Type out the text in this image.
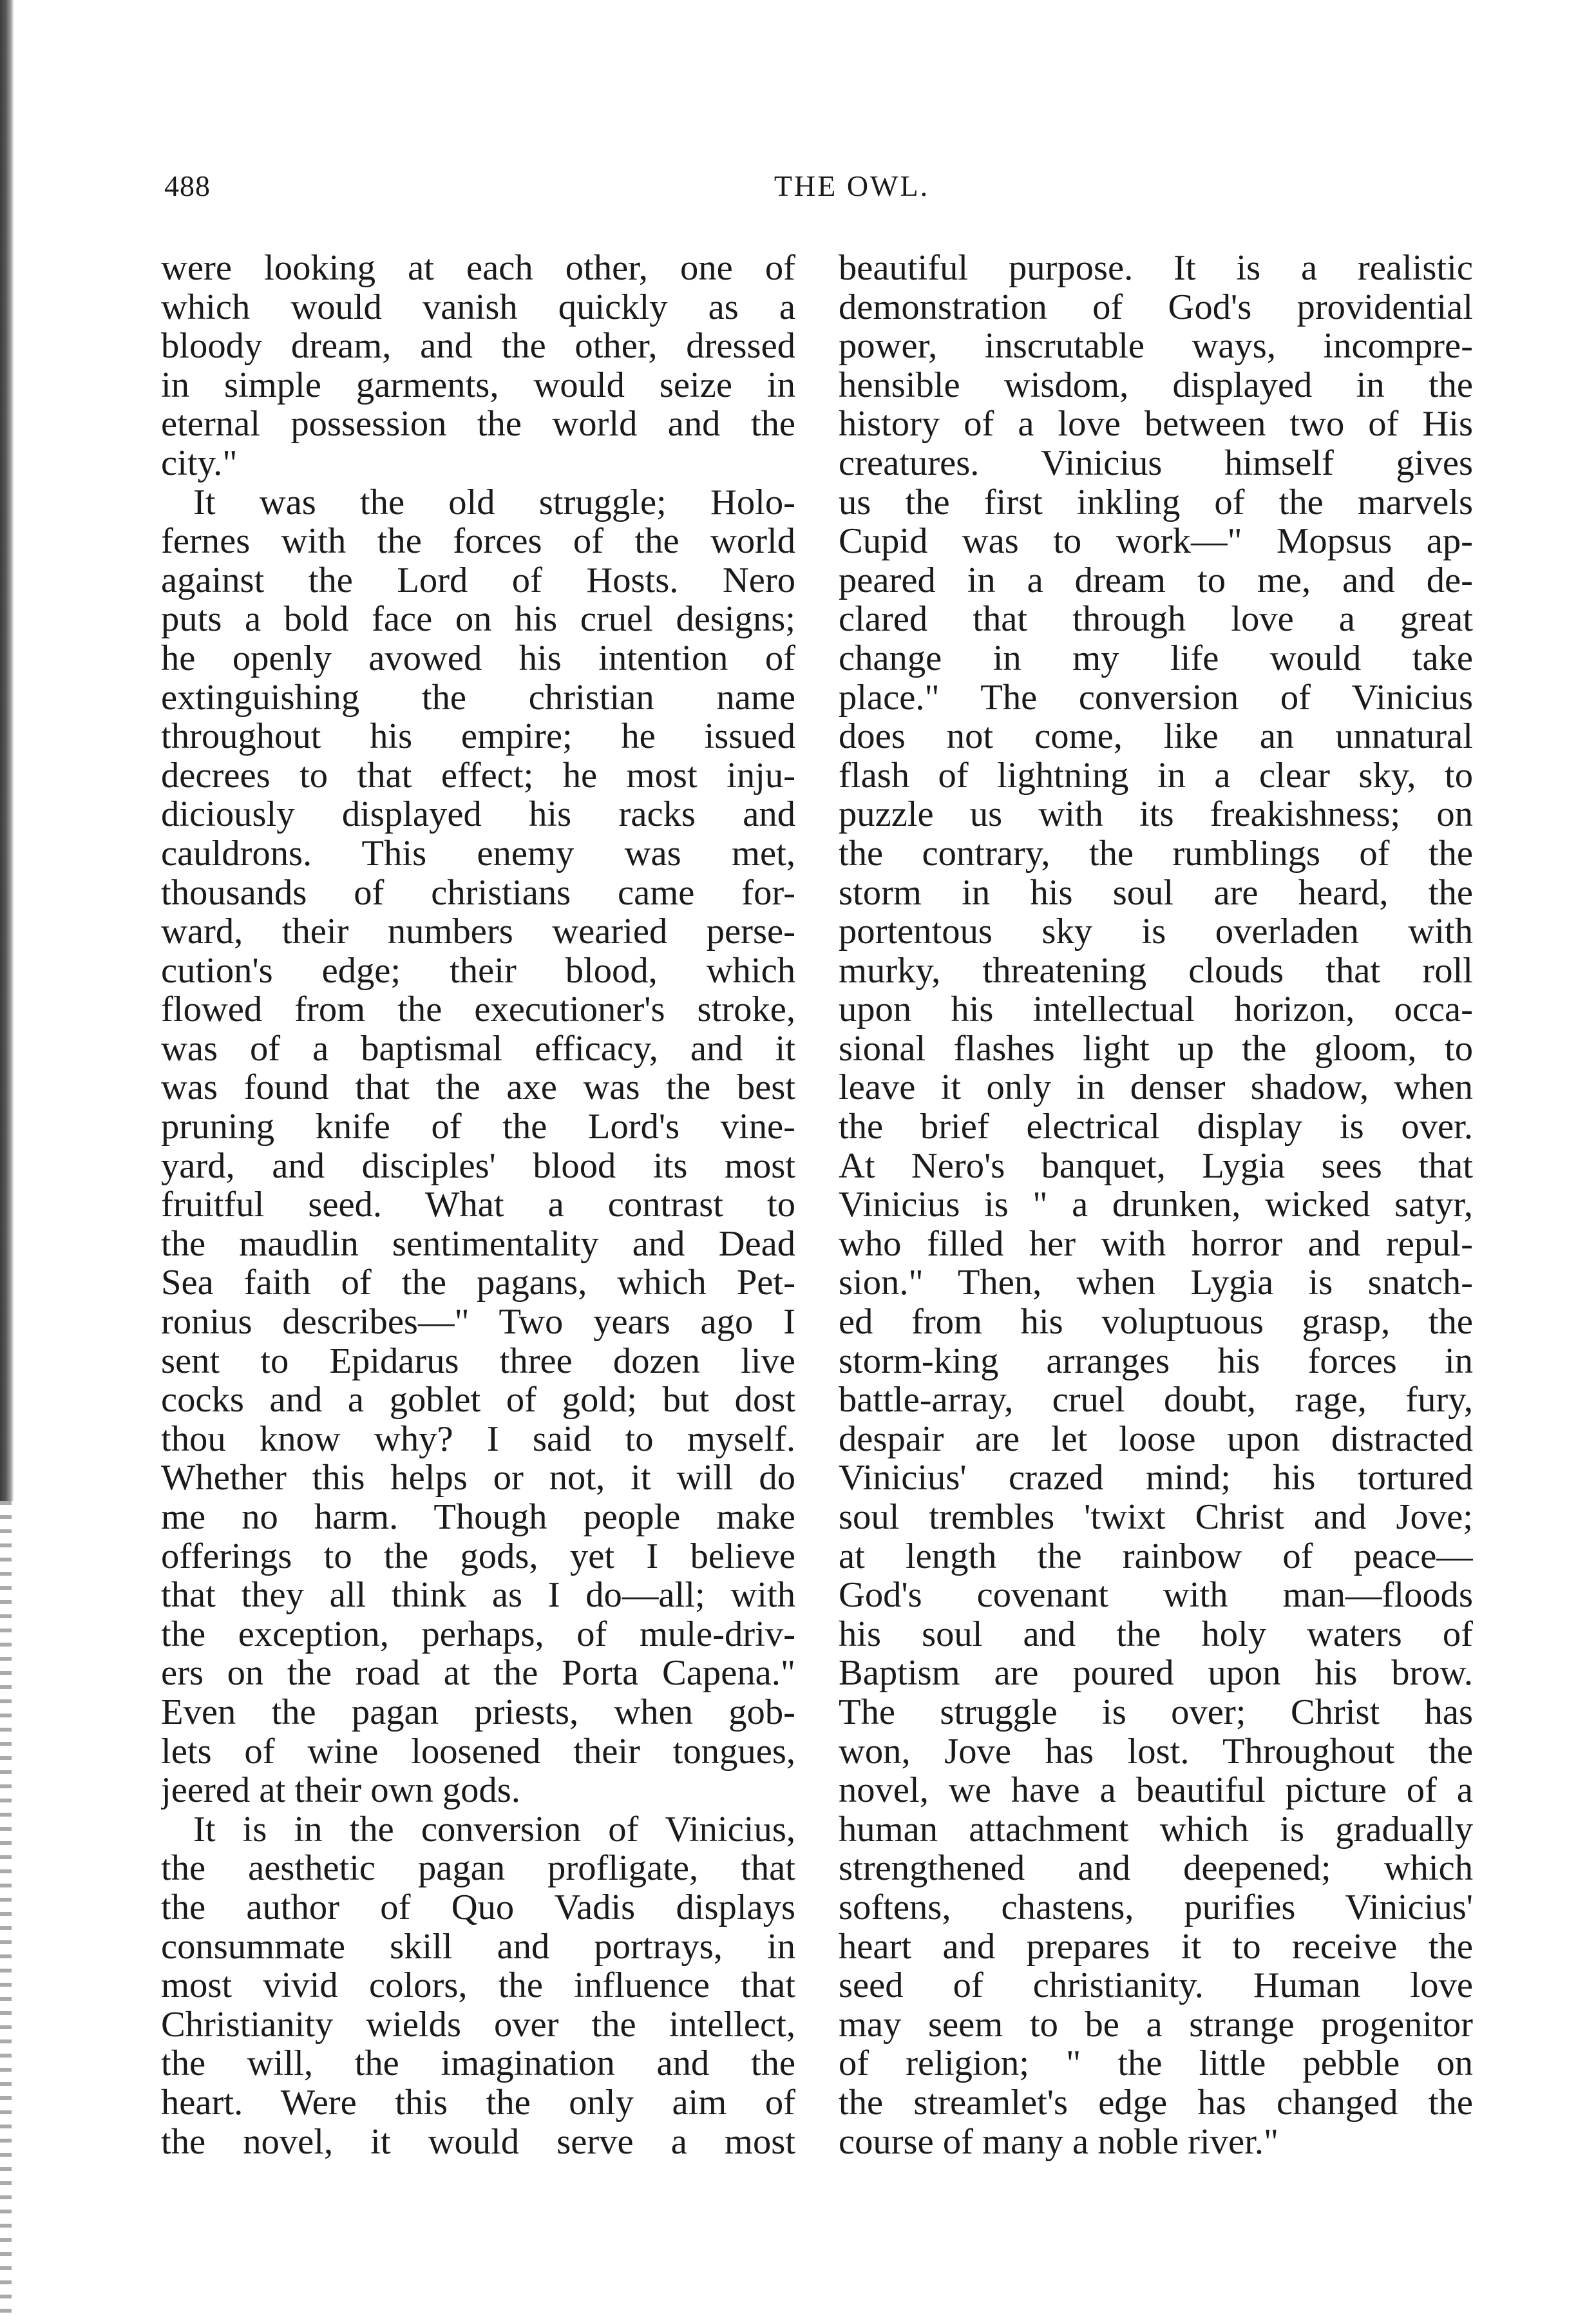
488	THE OWL.
were looking at each other, one of
which would vanish quickly as a
bloody dream, and the other, dressed
in simple garments, would seize in
eternal possession the world and the
city."
It was the old struggle; Holo-
fernes with the forces of the world
against the Lord of Hosts. Nero
puts a bold face on his cruel designs;
he openly avowed his intention of
extinguishing the christian name
throughout his empire; he issued
decrees to that effect; he most inju-
diciously displayed his racks and
cauldrons. This enemy was met,
thousands of christians came for-
ward, their numbers wearied perse-
cution's edge; their blood, which
flowed from the executioner's stroke,
was of a baptismal efficacy, and it
was found that the axe was the best
pruning knife of the Lord's vine-
yard, and disciples' blood its most
fruitful seed. What a contrast to
the maudlin sentimentality and Dead
Sea faith of the pagans, which Pet-
ronius describes—" Two years ago I
sent to Epidarus three dozen live
cocks and a goblet of gold; but dost
thou know why? I said to myself.
Whether this helps or not, it will do
me no harm. Though people make
offerings to the gods, yet I believe
that they all think as I do—all; with
the exception, perhaps, of mule-driv-
ers on the road at the Porta Capena."
Even the pagan priests, when gob-
lets of wine loosened their tongues,
jeered at their own gods.
It is in the conversion of Vinicius,
the aesthetic pagan profligate, that
the author of Quo Vadis displays
consummate skill and portrays, in
most vivid colors, the influence that
Christianity wields over the intellect,
the will, the imagination and the
heart. Were this the only aim of
the novel, it would serve a most
beautiful purpose. It is a realistic
demonstration of God's providential
power, inscrutable ways, incompre-
hensible wisdom, displayed in the
history of a love between two of His
creatures. Vinicius himself gives
us the first inkling of the marvels
Cupid was to work—" Mopsus ap-
peared in a dream to me, and de-
clared that through love a great
change in my life would take
place." The conversion of Vinicius
does not come, like an unnatural
flash of lightning in a clear sky, to
puzzle us with its freakishness; on
the contrary, the rumblings of the
storm in his soul are heard, the
portentous sky is overladen with
murky, threatening clouds that roll
upon his intellectual horizon, occa-
sional flashes light up the gloom, to
leave it only in denser shadow, when
the brief electrical display is over.
At Nero's banquet, Lygia sees that
Vinicius is " a drunken, wicked satyr,
who filled her with horror and repul-
sion." Then, when Lygia is snatch-
ed from his voluptuous grasp, the
storm-king arranges his forces in
battle-array, cruel doubt, rage, fury,
despair are let loose upon distracted
Vinicius' crazed mind; his tortured
soul trembles 'twixt Christ and Jove;
at length the rainbow of peace—
God's covenant with man—floods
his soul and the holy waters of
Baptism are poured upon his brow.
The struggle is over; Christ has
won, Jove has lost. Throughout the
novel, we have a beautiful picture of a
human attachment which is gradually
strengthened and deepened; which
softens, chastens, purifies Vinicius'
heart and prepares it to receive the
seed of christianity. Human love
may seem to be a strange progenitor
of religion; " the little pebble on
the streamlet's edge has changed the
course of many a noble river."
